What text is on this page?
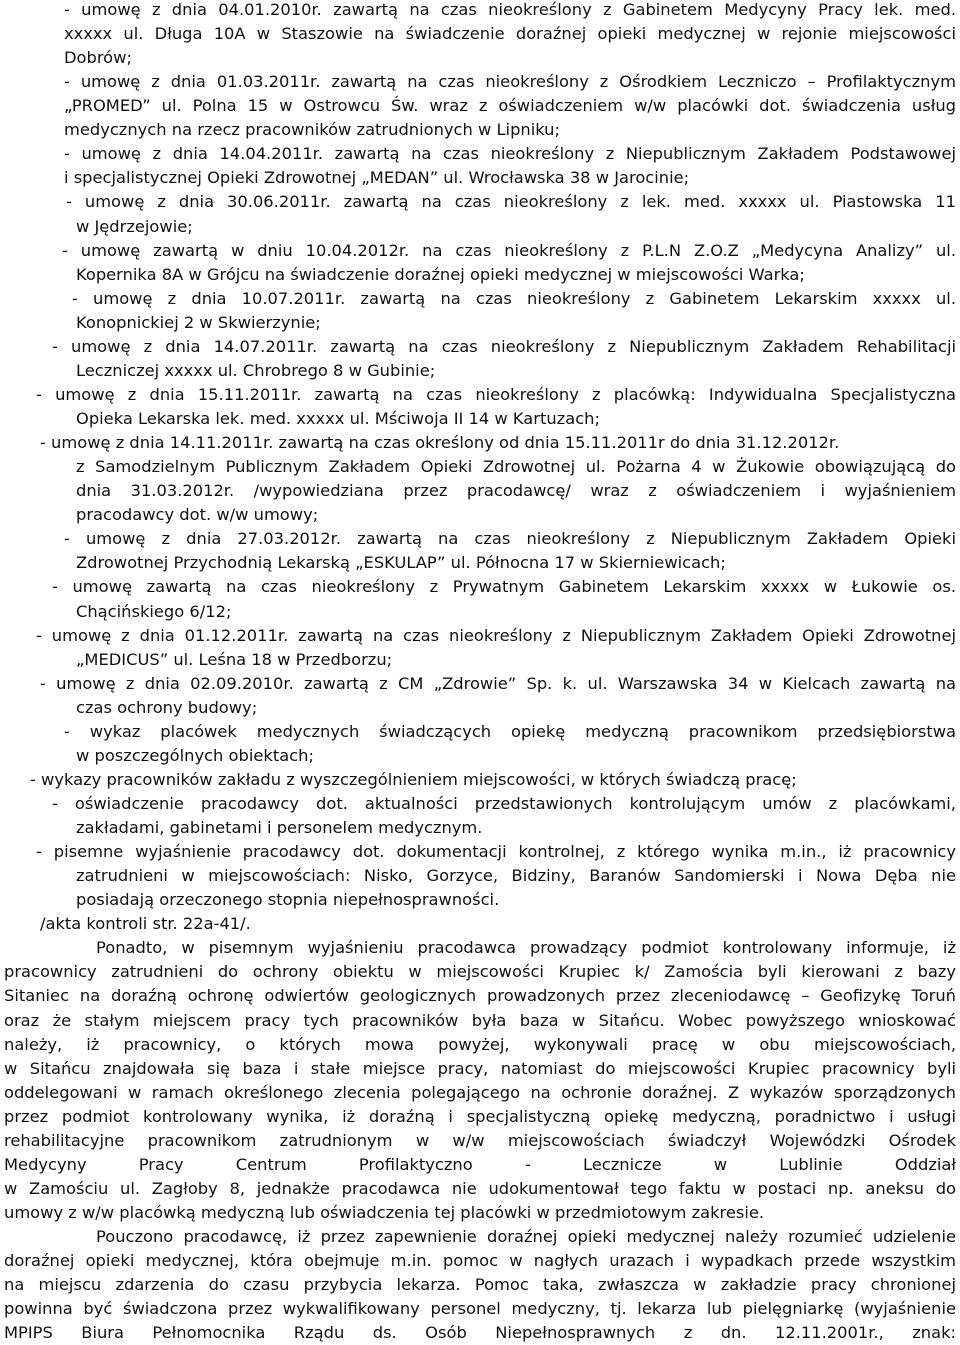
- umowę z dnia 04.01.2010r. zawartą na czas nieokreślony z Gabinetem Medycyny Pracy lek. med.
xxxxx ul. Długa 10A w Staszowie na świadczenie doraźnej opieki medycznej w rejonie miejscowości
Dobrów;
- umowę z dnia 01.03.2011r. zawartą na czas nieokreślony z Ośrodkiem Leczniczo – Profilaktycznym
„PROMED” ul. Polna 15 w Ostrowcu Św. wraz z oświadczeniem w/w placówki dot. świadczenia usług
medycznych na rzecz pracowników zatrudnionych w Lipniku;
- umowę z dnia 14.04.2011r. zawartą na czas nieokreślony z Niepublicznym Zakładem Podstawowej
i specjalistycznej Opieki Zdrowotnej „MEDAN” ul. Wrocławska 38 w Jarocinie;
- umowę z dnia 30.06.2011r. zawartą na czas nieokreślony z lek. med. xxxxx ul. Piastowska 11
w Jędrzejowie;
- umowę zawartą w dniu 10.04.2012r. na czas nieokreślony z P.L.N Z.O.Z „Medycyna Analizy” ul.
Kopernika 8A w Grójcu na świadczenie doraźnej opieki medycznej w miejscowości Warka;
- umowę z dnia 10.07.2011r. zawartą na czas nieokreślony z Gabinetem Lekarskim xxxxx ul.
Konopnickiej 2 w Skwierzynie;
- umowę z dnia 14.07.2011r. zawartą na czas nieokreślony z Niepublicznym Zakładem Rehabilitacji
Leczniczej xxxxx ul. Chrobrego 8 w Gubinie;
- umowę z dnia 15.11.2011r. zawartą na czas nieokreślony z placówką: Indywidualna Specjalistyczna
Opieka Lekarska lek. med. xxxxx ul. Mściwoja II 14 w Kartuzach;
- umowę z dnia 14.11.2011r. zawartą na czas określony od dnia 15.11.2011r do dnia 31.12.2012r.
z Samodzielnym Publicznym Zakładem Opieki Zdrowotnej ul. Pożarna 4 w Żukowie obowiązującą do
dnia 31.03.2012r. /wypowiedziana przez pracodawcę/ wraz z oświadczeniem i wyjaśnieniem
pracodawcy dot. w/w umowy;
- umowę z dnia 27.03.2012r. zawartą na czas nieokreślony z Niepublicznym Zakładem Opieki
Zdrowotnej Przychodnią Lekarską „ESKULAP” ul. Północna 17 w Skierniewicach;
- umowę zawartą na czas nieokreślony z Prywatnym Gabinetem Lekarskim xxxxx w Łukowie os.
Chącińskiego 6/12;
- umowę z dnia 01.12.2011r. zawartą na czas nieokreślony z Niepublicznym Zakładem Opieki Zdrowotnej
„MEDICUS” ul. Leśna 18 w Przedborzu;
- umowę z dnia 02.09.2010r. zawartą z CM „Zdrowie” Sp. k. ul. Warszawska 34 w Kielcach zawartą na
czas ochrony budowy;
- wykaz placówek medycznych świadczących opiekę medyczną pracownikom przedsiębiorstwa
w poszczególnych obiektach;
- wykazy pracowników zakładu z wyszczególnieniem miejscowości, w których świadczą pracę;
- oświadczenie pracodawcy dot. aktualności przedstawionych kontrolującym umów z placówkami,
zakładami, gabinetami i personelem medycznym.
- pisemne wyjaśnienie pracodawcy dot. dokumentacji kontrolnej, z którego wynika m.in., iż pracownicy
zatrudnieni w miejscowościach: Nisko, Gorzyce, Bidziny, Baranów Sandomierski i Nowa Dęba nie
posiadają orzeczonego stopnia niepełnosprawności.
/akta kontroli str. 22a-41/.
Ponadto, w pisemnym wyjaśnieniu pracodawca prowadzący podmiot kontrolowany informuje, iż
pracownicy zatrudnieni do ochrony obiektu w miejscowości Krupiec k/ Zamościa byli kierowani z bazy
Sitaniec na doraźną ochronę odwiertów geologicznych prowadzonych przez zleceniodawcę – Geofizykę Toruń
oraz że stałym miejscem pracy tych pracowników była baza w Sitańcu. Wobec powyższego wnioskować
należy, iż pracownicy, o których mowa powyżej, wykonywali pracę w obu miejscowościach,
w Sitańcu znajdowała się baza i stałe miejsce pracy, natomiast do miejscowości Krupiec pracownicy byli
oddelegowani w ramach określonego zlecenia polegającego na ochronie doraźnej. Z wykazów sporządzonych
przez podmiot kontrolowany wynika, iż doraźną i specjalistyczną opiekę medyczną, poradnictwo i usługi
rehabilitacyjne pracownikom zatrudnionym w w/w miejscowościach świadczył Wojewódzki Ośrodek
Medycyny Pracy Centrum Profilaktyczno - Lecznicze w Lublinie Oddział
w Zamościu ul. Zagłoby 8, jednakże pracodawca nie udokumentował tego faktu w postaci np. aneksu do
umowy z w/w placówką medyczną lub oświadczenia tej placówki w przedmiotowym zakresie.
Pouczono pracodawcę, iż przez zapewnienie doraźnej opieki medycznej należy rozumieć udzielenie
doraźnej opieki medycznej, która obejmuje m.in. pomoc w nagłych urazach i wypadkach przede wszystkim
na miejscu zdarzenia do czasu przybycia lekarza. Pomoc taka, zwłaszcza w zakładzie pracy chronionej
powinna być świadczona przez wykwalifikowany personel medyczny, tj. lekarza lub pielęgniarkę (wyjaśnienie
MPIPS Biura Pełnomocnika Rządu ds. Osób Niepełnosprawnych z dn. 12.11.2001r., znak:
